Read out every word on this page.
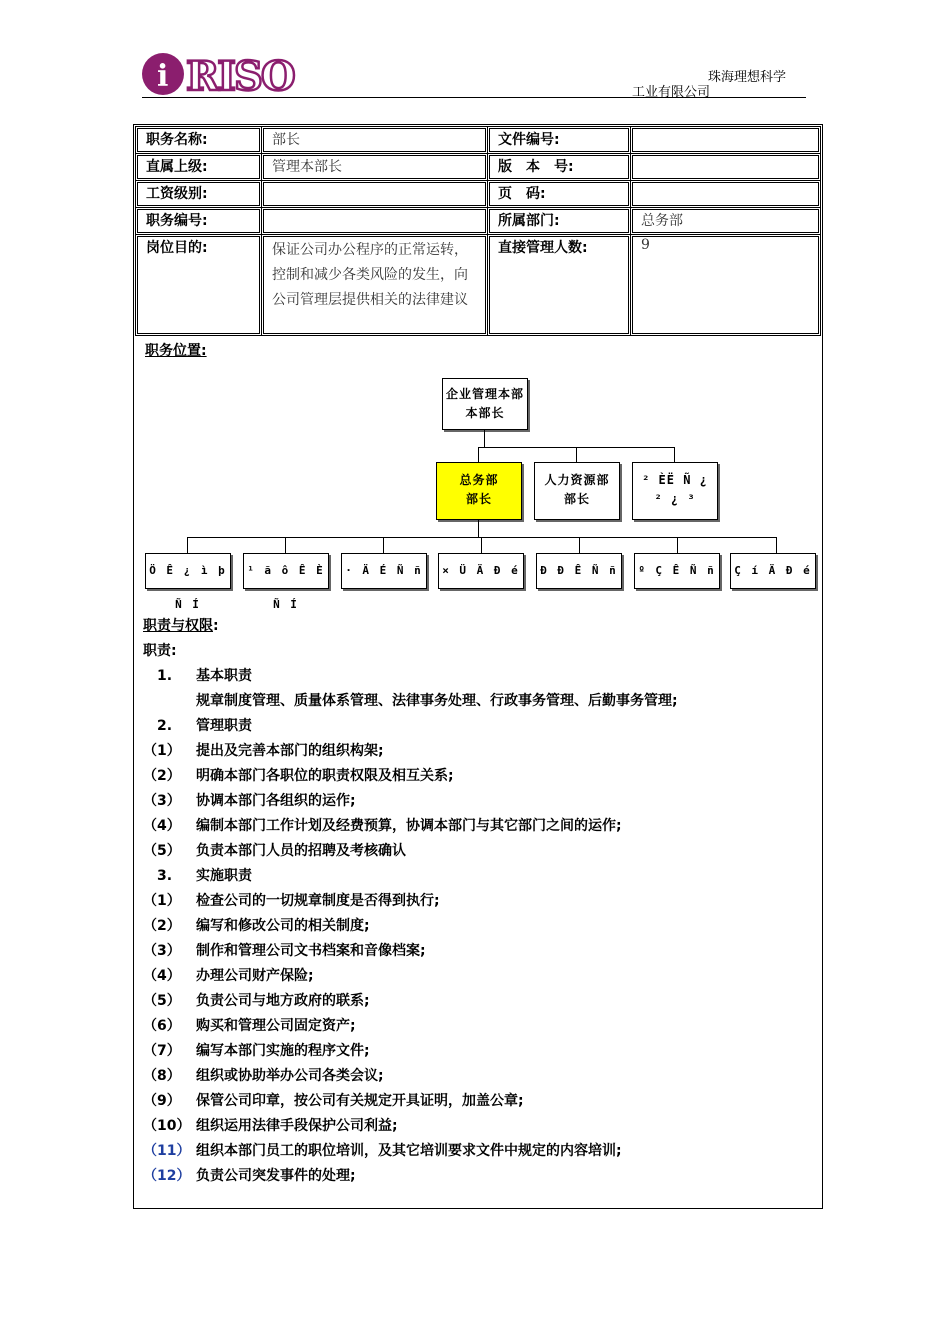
i RISO	珠海理想科学
工业有限公司
职务名称:	部长	文件编号:	
直属上级:	管理本部长	版　本　号:	
工资级别:		页　码:	
职务编号:		所属部门:	总务部
岗位目的:	保证公司办公程序的正常运转，控制和减少各类风险的发生，向公司管理层提供相关的法律建议	直接管理人数:	9
职务位置:
企业管理本部
本部长
总务部
部长
人力资源部
部长
² ÈË Ñ ¿
² ¿ ³
Ö Ê ¿ ì þ Ñ Í
¹ ã ô Ê È Ñ Í
· Ä É Ñ ñ	× Ü Ä Ð é	Ð Ð Ê Ñ ñ	º Ç Ê Ñ ñ	Ç í Ä Ð é
职责与权限:
职责:
1. 基本职责
规章制度管理、质量体系管理、法律事务处理、行政事务管理、后勤事务管理;
2. 管理职责
（1） 提出及完善本部门的组织构架;
（2） 明确本部门各职位的职责权限及相互关系;
（3） 协调本部门各组织的运作;
（4） 编制本部门工作计划及经费预算，协调本部门与其它部门之间的运作;
（5） 负责本部门人员的招聘及考核确认
3. 实施职责
（1） 检查公司的一切规章制度是否得到执行;
（2） 编写和修改公司的相关制度;
（3） 制作和管理公司文书档案和音像档案;
（4） 办理公司财产保险;
（5） 负责公司与地方政府的联系;
（6） 购买和管理公司固定资产;
（7） 编写本部门实施的程序文件;
（8） 组织或协助举办公司各类会议;
（9） 保管公司印章，按公司有关规定开具证明，加盖公章;
（10） 组织运用法律手段保护公司利益;
（11） 组织本部门员工的职位培训，及其它培训要求文件中规定的内容培训;
（12） 负责公司突发事件的处理;
